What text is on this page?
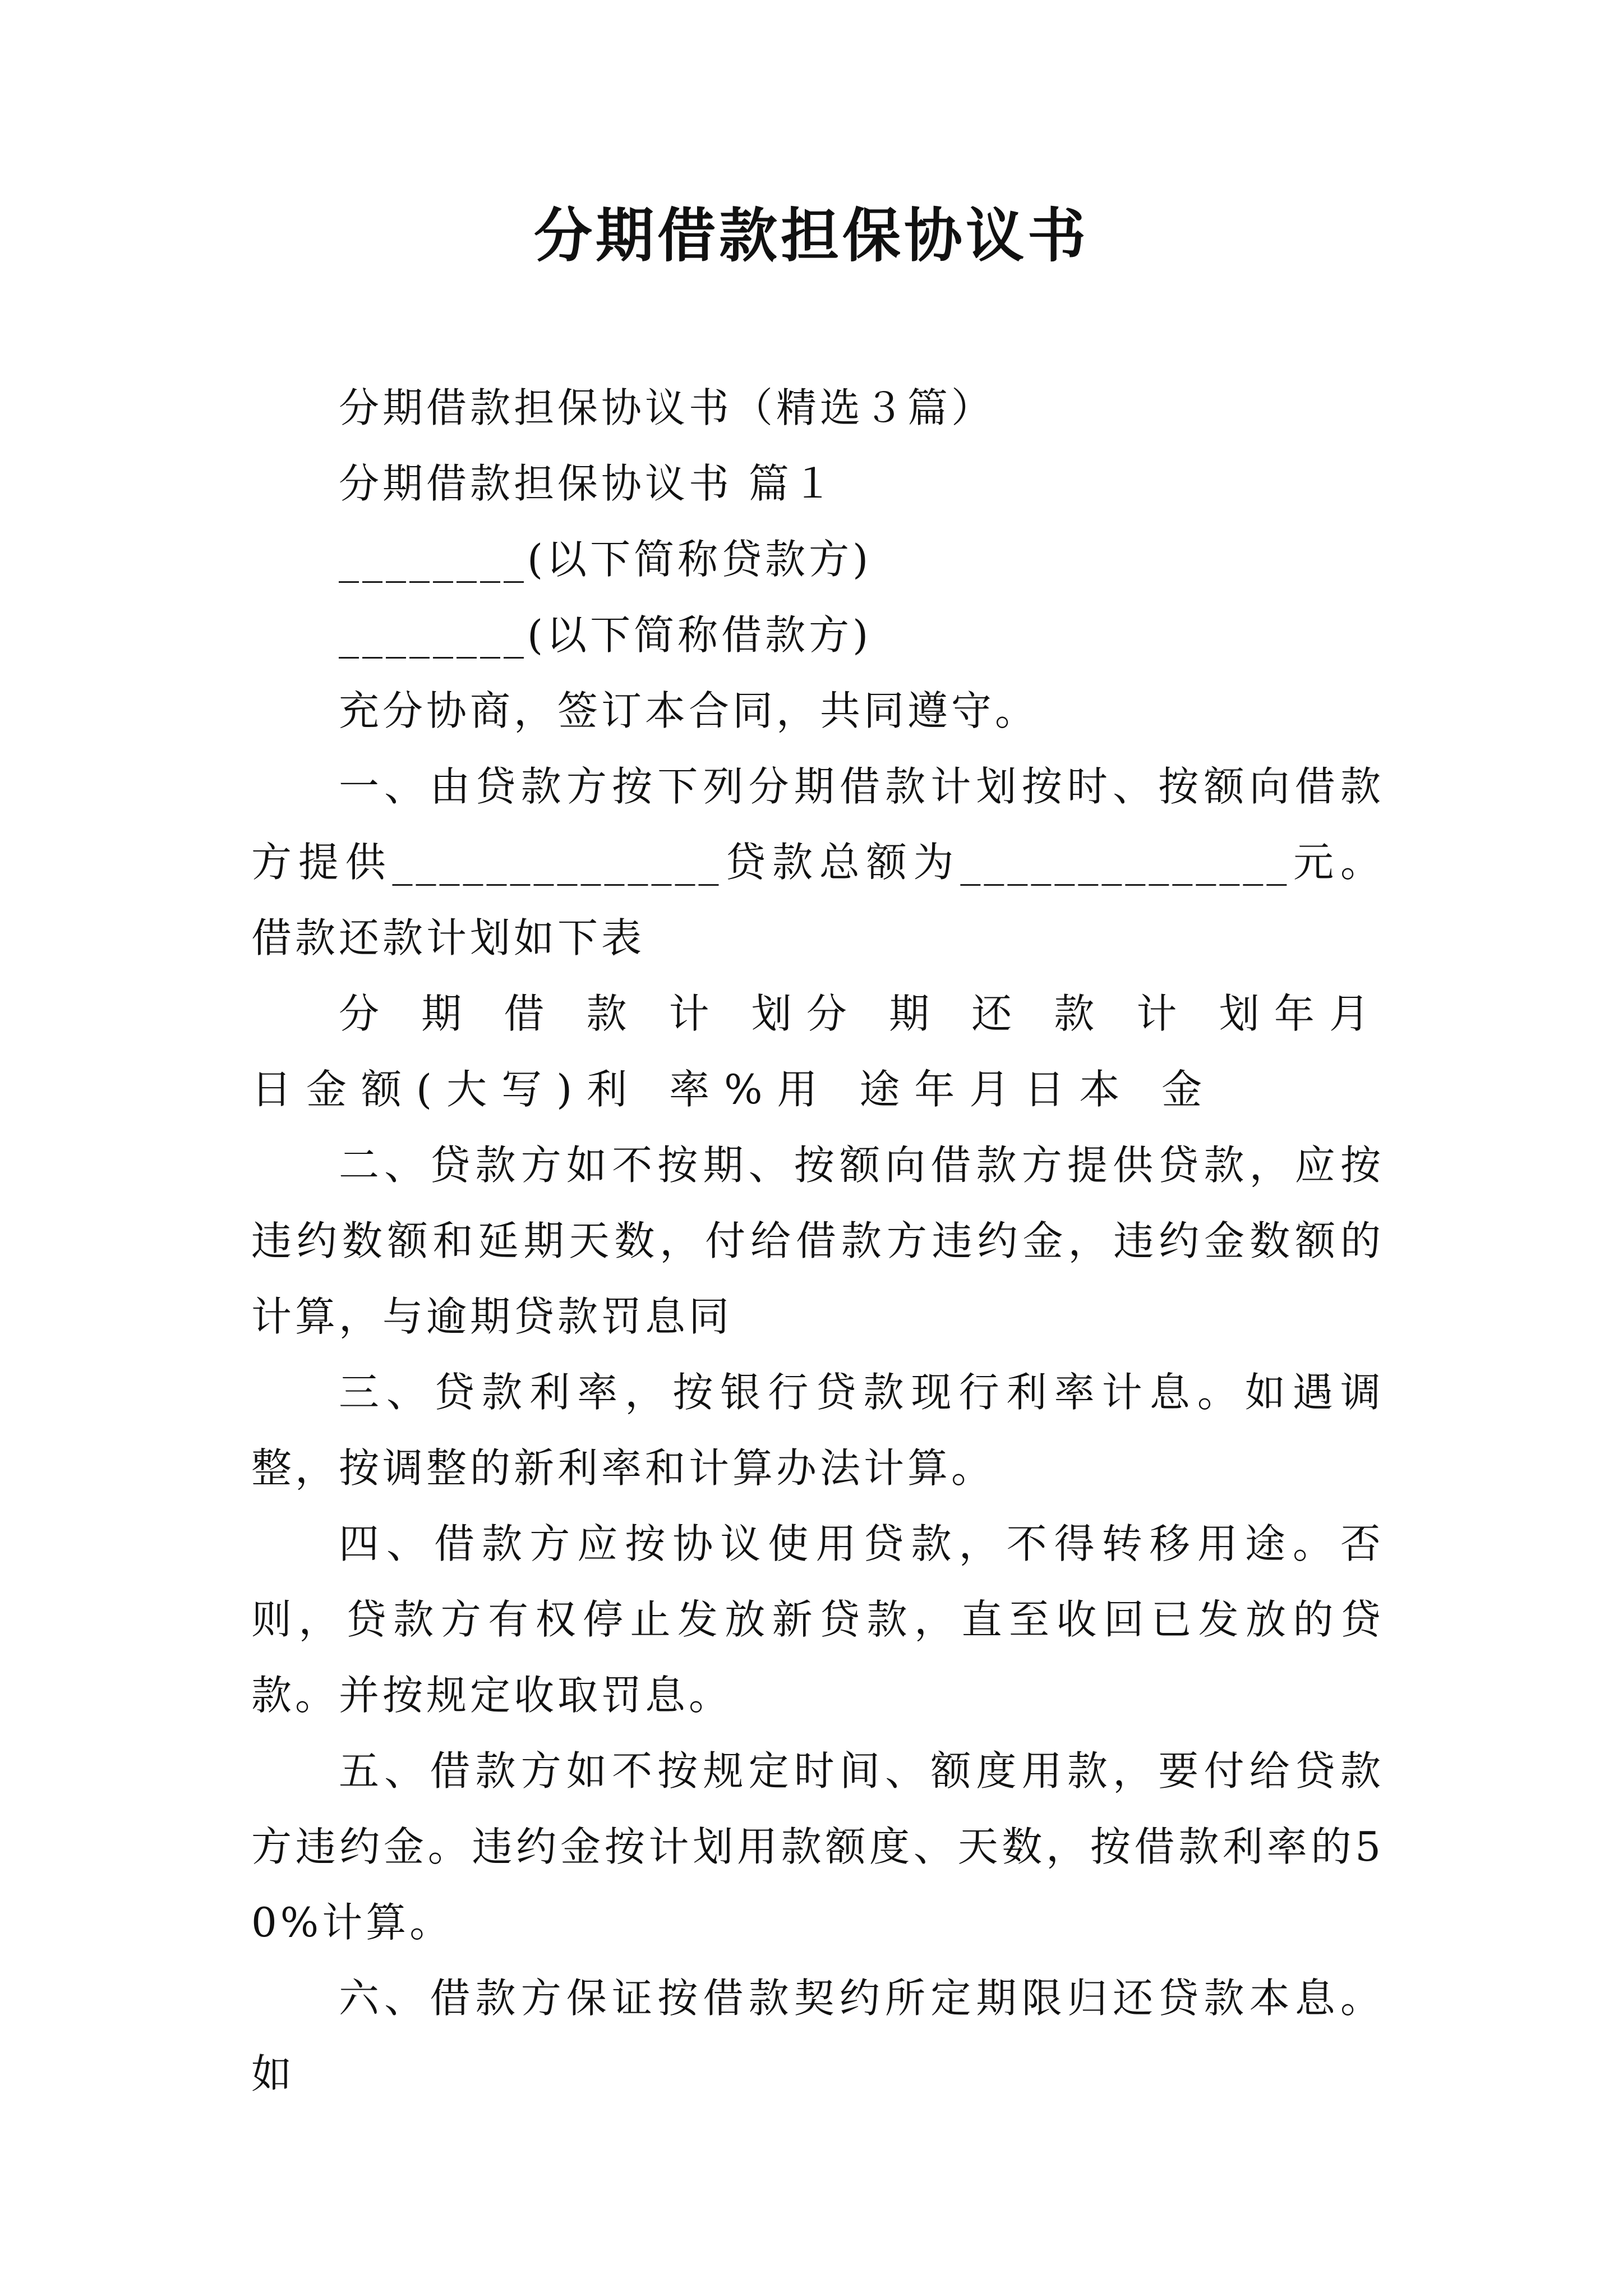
分期借款担保协议书

分期借款担保协议书（精选３篇）

分期借款担保协议书 篇１

________(以下简称贷款方)

________(以下简称借款方)

充分协商，签订本合同，共同遵守。

一、由贷款方按下列分期借款计划按时、按额向借款方提供______________贷款总额为______________元。借款还款计划如下表

分 期 借 款 计 划分 期 还 款 计 划年月日金额(大写)利 率%用 途年月日本 金

二、贷款方如不按期、按额向借款方提供贷款，应按违约数额和延期天数，付给借款方违约金，违约金数额的计算，与逾期贷款罚息同

三、贷款利率，按银行贷款现行利率计息。如遇调整，按调整的新利率和计算办法计算。

四、借款方应按协议使用贷款，不得转移用途。否则，贷款方有权停止发放新贷款，直至收回已发放的贷款。并按规定收取罚息。

五、借款方如不按规定时间、额度用款，要付给贷款方违约金。违约金按计划用款额度、天数，按借款利率的50%计算。

六、借款方保证按借款契约所定期限归还贷款本息。如
